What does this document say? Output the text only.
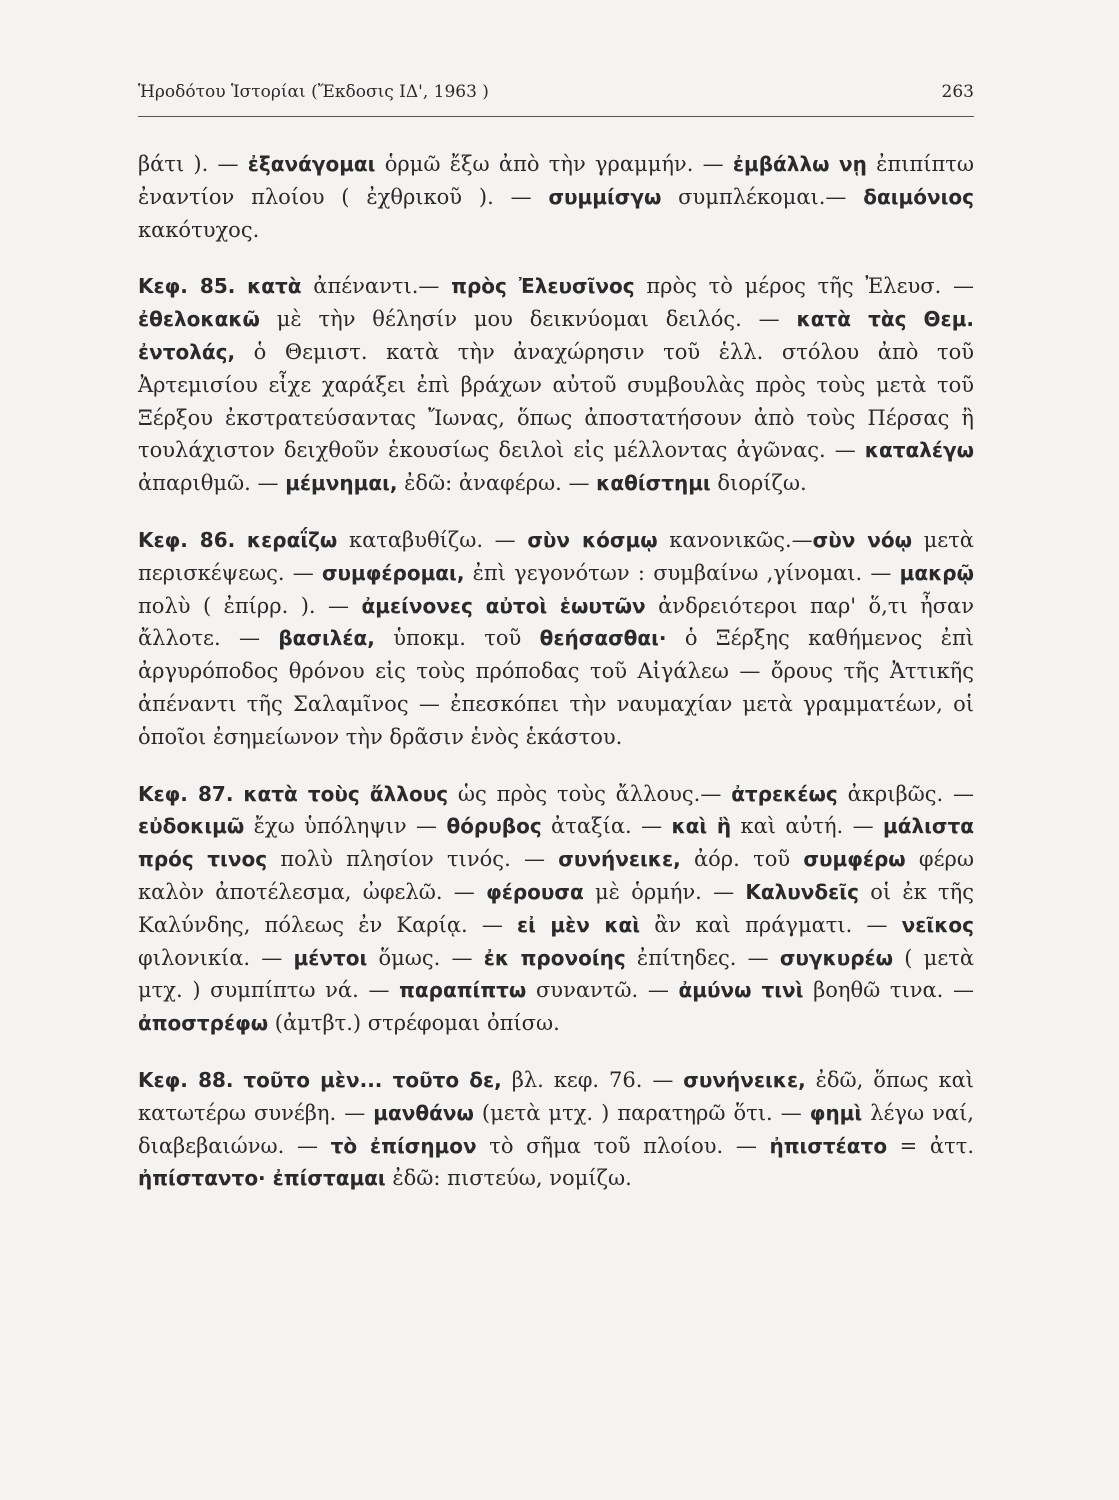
Ἡροδότου Ἱστορίαι (Ἔκδοσις ΙΔ', 1963 )	263

βάτι ). — ἐξανάγομαι ὁρμῶ ἔξω ἀπὸ τὴν γραμμήν. — ἐμβάλλω νῃ ἐπιπίπτω ἐναντίον πλοίου ( ἐχθρικοῦ ). — συμμίσγω συμπλέκομαι.— δαιμόνιος κακότυχος.

Κεφ. 85. κατὰ ἀπέναντι.— πρὸς Ἐλευσῖνος πρὸς τὸ μέρος τῆς Ἐλευσ. — ἐθελοκακῶ μὲ τὴν θέλησίν μου δεικνύομαι δειλός. — κατὰ τὰς Θεμ. ἐντολάς, ὁ Θεμιστ. κατὰ τὴν ἀναχώρησιν τοῦ ἑλλ. στόλου ἀπὸ τοῦ Ἀρτεμισίου εἶχε χαράξει ἐπὶ βράχων αὐτοῦ συμβουλὰς πρὸς τοὺς μετὰ τοῦ Ξέρξου ἐκστρατεύσαντας Ἴωνας, ὅπως ἀποστατήσουν ἀπὸ τοὺς Πέρσας ἢ τουλάχιστον δειχθοῦν ἑκουσίως δειλοὶ εἰς μέλλοντας ἀγῶνας. — καταλέγω ἀπαριθμῶ. — μέμνημαι, ἐδῶ: ἀναφέρω. — καθίστημι διορίζω.

Κεφ. 86. κεραΐζω καταβυθίζω. — σὺν κόσμῳ κανονικῶς.—σὺν νόῳ μετὰ περισκέψεως. — συμφέρομαι, ἐπὶ γεγονότων : συμβαίνω ,γίνομαι. — μακρῷ πολὺ ( ἐπίρρ. ). — ἀμείνονες αὐτοὶ ἑωυτῶν ἀνδρειότεροι παρ' ὅ,τι ἦσαν ἄλλοτε. — βασιλέα, ὑποκμ. τοῦ θεήσασθαι· ὁ Ξέρξης καθήμενος ἐπὶ ἀργυρόποδος θρόνου εἰς τοὺς πρόποδας τοῦ Αἰγάλεω — ὄρους τῆς Ἀττικῆς ἀπέναντι τῆς Σαλαμῖνος — ἐπεσκόπει τὴν ναυμαχίαν μετὰ γραμματέων, οἱ ὁποῖοι ἐσημείωνον τὴν δρᾶσιν ἑνὸς ἑκάστου.

Κεφ. 87. κατὰ τοὺς ἄλλους ὡς πρὸς τοὺς ἄλλους.— ἀτρεκέως ἀκριβῶς. — εὐδοκιμῶ ἔχω ὑπόληψιν — θόρυβος ἀταξία. — καὶ ἣ καὶ αὐτή. — μάλιστα πρός τινος πολὺ πλησίον τινός. — συνήνεικε, ἀόρ. τοῦ συμφέρω φέρω καλὸν ἀποτέλεσμα, ὠφελῶ. — φέρουσα μὲ ὁρμήν. — Καλυνδεῖς οἱ ἐκ τῆς Καλύνδης, πόλεως ἐν Καρίᾳ. — εἰ μὲν καὶ ἂν καὶ πράγματι. — νεῖκος φιλονικία. — μέντοι ὅμως. — ἐκ προνοίης ἐπίτηδες. — συγκυρέω ( μετὰ μτχ. ) συμπίπτω νά. — παραπίπτω συναντῶ. — ἀμύνω τινὶ βοηθῶ τινα. — ἀποστρέφω (ἀμτβτ.) στρέφομαι ὀπίσω.

Κεφ. 88. τοῦτο μὲν... τοῦτο δε, βλ. κεφ. 76. — συνήνεικε, ἐδῶ, ὅπως καὶ κατωτέρω συνέβη. — μανθάνω (μετὰ μτχ. ) παρατηρῶ ὅτι. — φημὶ λέγω ναί, διαβεβαιώνω. — τὸ ἐπίσημον τὸ σῆμα τοῦ πλοίου. — ἠπιστέατο = ἀττ. ἠπίσταντο· ἐπίσταμαι ἐδῶ: πιστεύω, νομίζω.
